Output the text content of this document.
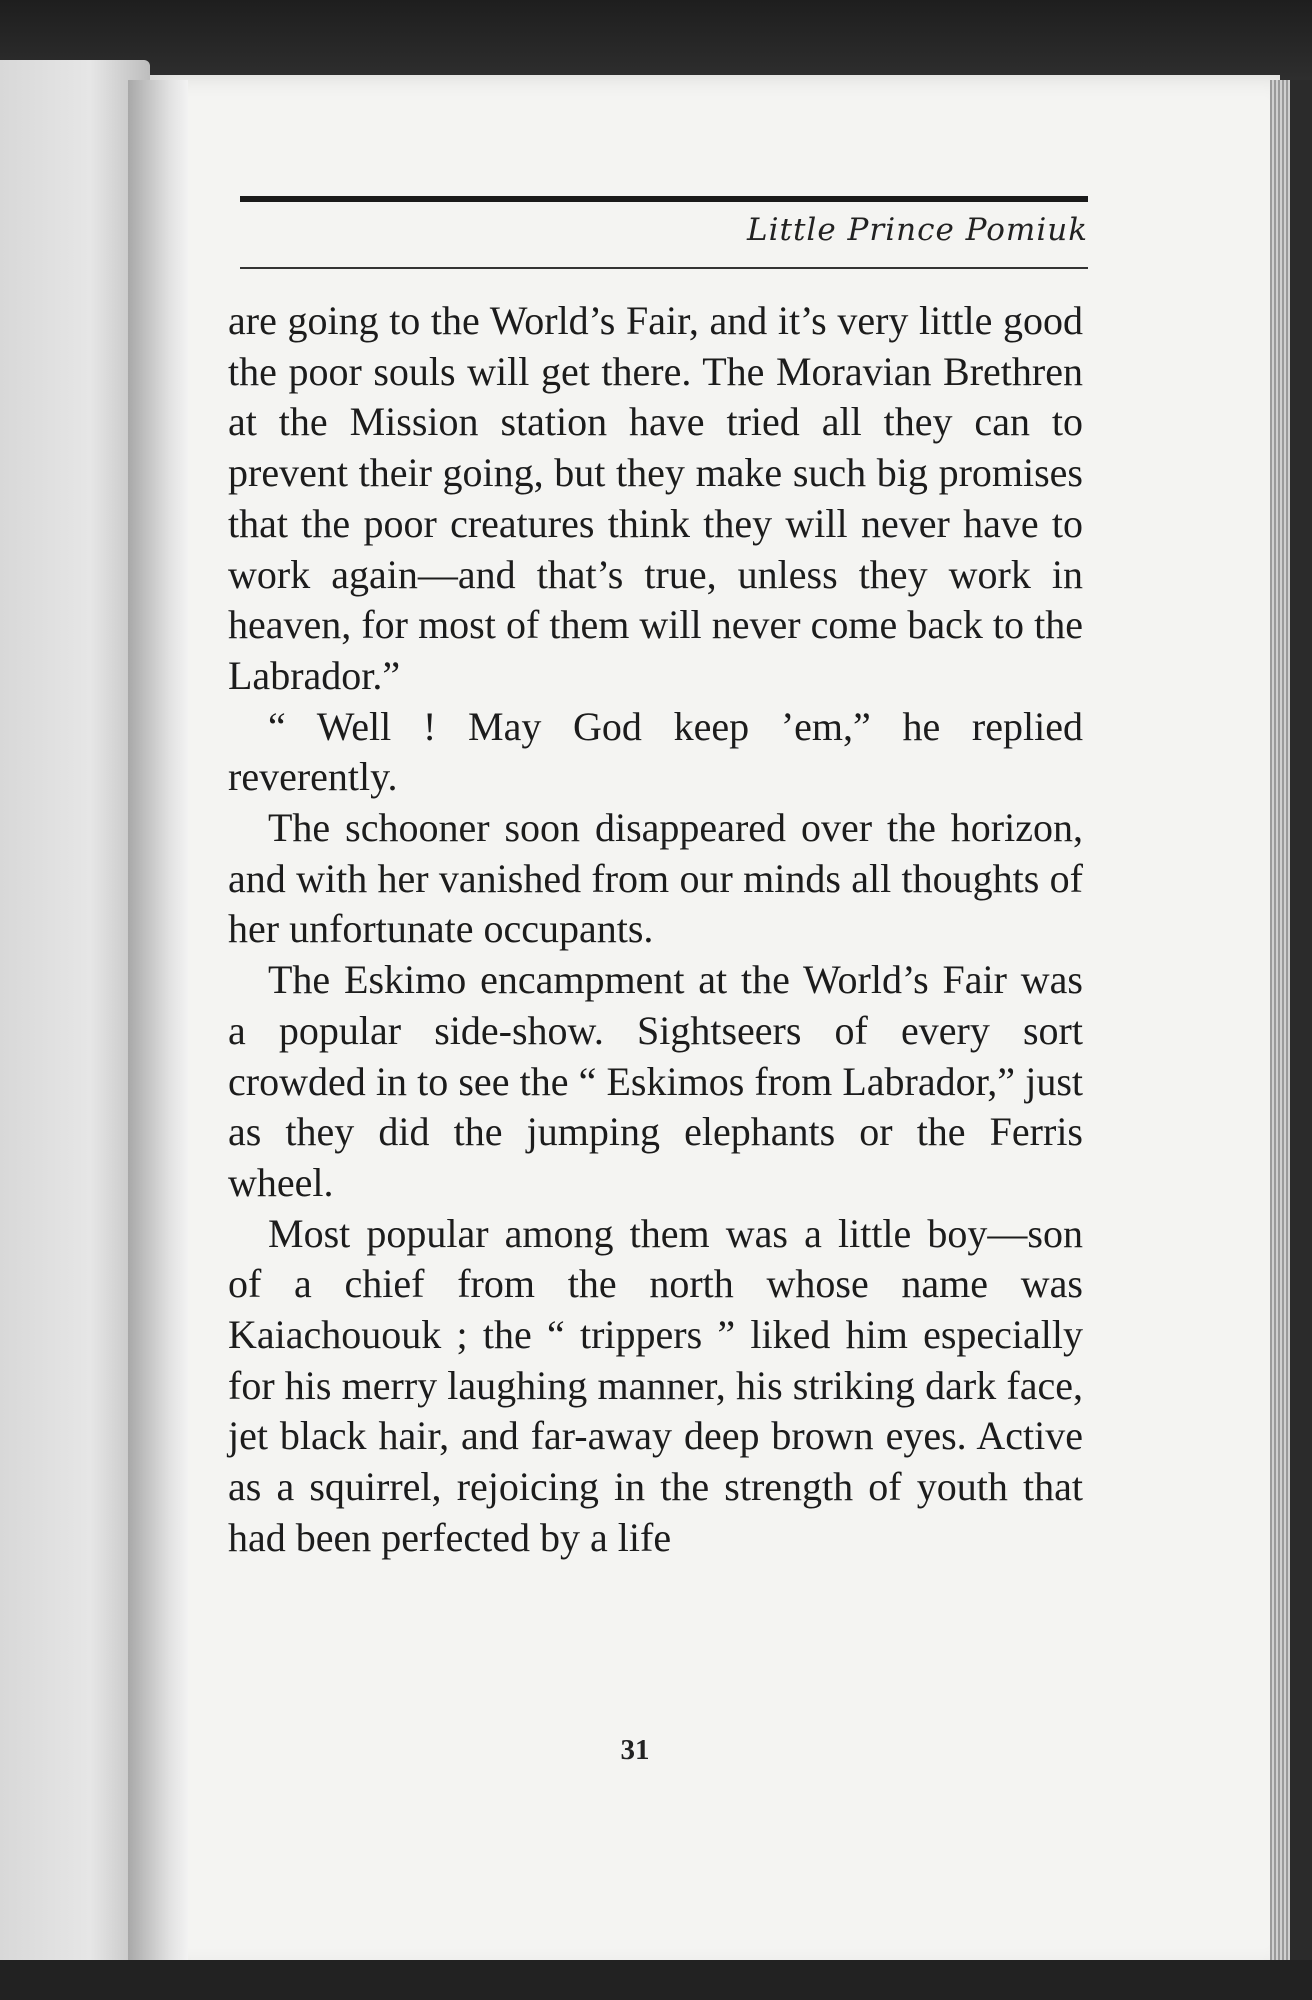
Little Prince Pomiuk

are going to the World’s Fair, and it’s very little good the poor souls will get there. The Moravian Brethren at the Mission station have tried all they can to prevent their going, but they make such big promises that the poor creatures think they will never have to work again—and that’s true, unless they work in heaven, for most of them will never come back to the Labrador.”

“ Well ! May God keep ’em,” he replied reverently.

The schooner soon disappeared over the horizon, and with her vanished from our minds all thoughts of her unfortunate occupants.

The Eskimo encampment at the World’s Fair was a popular side-show. Sightseers of every sort crowded in to see the “ Eskimos from Labrador,” just as they did the jumping elephants or the Ferris wheel.

Most popular among them was a little boy—son of a chief from the north whose name was Kaiachououk ; the “ trippers ” liked him especially for his merry laughing manner, his striking dark face, jet black hair, and far-away deep brown eyes. Active as a squirrel, rejoicing in the strength of youth that had been perfected by a life

31
